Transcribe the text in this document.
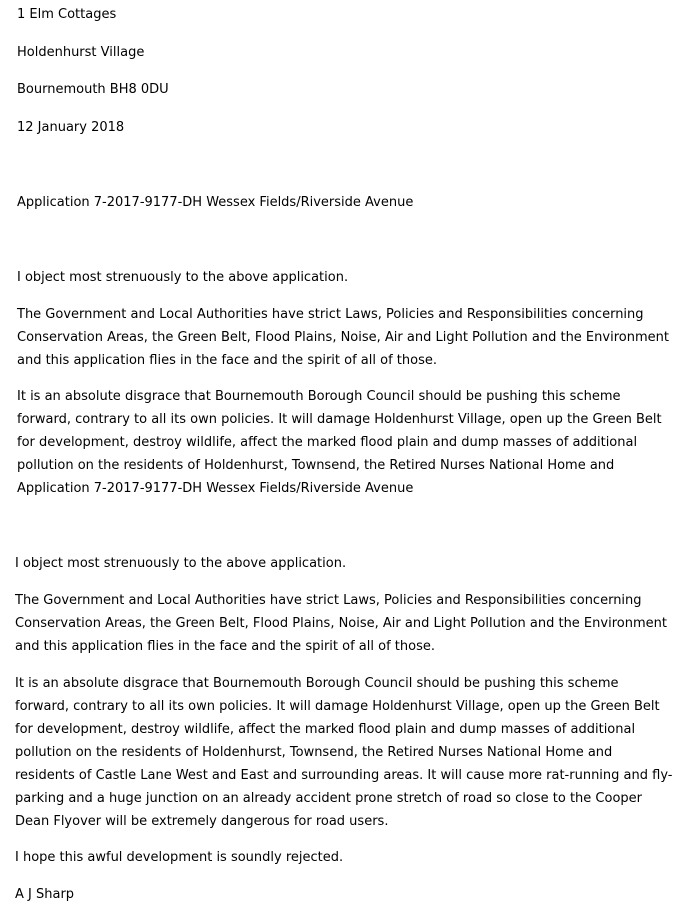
1 Elm Cottages
Holdenhurst Village
Bournemouth BH8 0DU
12 January 2018
Application 7-2017-9177-DH Wessex Fields/Riverside Avenue
I object most strenuously to the above application.
The Government and Local Authorities have strict Laws, Policies and Responsibilities concerning
Conservation Areas, the Green Belt, Flood Plains, Noise, Air and Light Pollution and the Environment
and this application flies in the face and the spirit of all of those.
It is an absolute disgrace that Bournemouth Borough Council should be pushing this scheme
forward, contrary to all its own policies. It will damage Holdenhurst Village, open up the Green Belt
for development, destroy wildlife, affect the marked flood plain and dump masses of additional
pollution on the residents of Holdenhurst, Townsend, the Retired Nurses National Home and
Application 7-2017-9177-DH Wessex Fields/Riverside Avenue
I object most strenuously to the above application.
The Government and Local Authorities have strict Laws, Policies and Responsibilities concerning
Conservation Areas, the Green Belt, Flood Plains, Noise, Air and Light Pollution and the Environment
and this application flies in the face and the spirit of all of those.
It is an absolute disgrace that Bournemouth Borough Council should be pushing this scheme
forward, contrary to all its own policies. It will damage Holdenhurst Village, open up the Green Belt
for development, destroy wildlife, affect the marked flood plain and dump masses of additional
pollution on the residents of Holdenhurst, Townsend, the Retired Nurses National Home and
residents of Castle Lane West and East and surrounding areas. It will cause more rat-running and fly-
parking and a huge junction on an already accident prone stretch of road so close to the Cooper
Dean Flyover will be extremely dangerous for road users.
I hope this awful development is soundly rejected.
A J Sharp
